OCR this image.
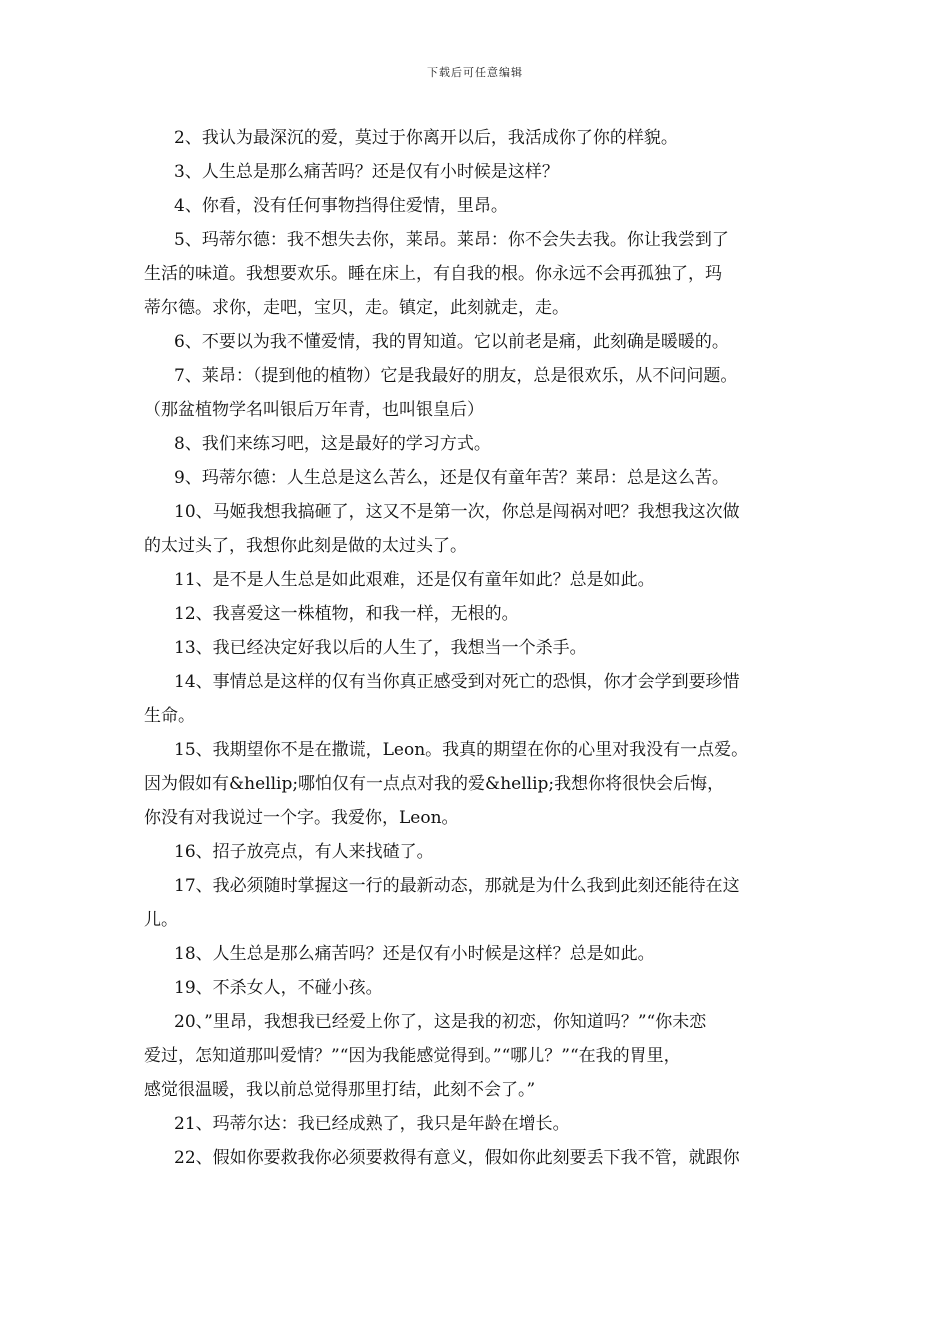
下载后可任意编辑

2、我认为最深沉的爱，莫过于你离开以后，我活成你了你的样貌。

3、人生总是那么痛苦吗？还是仅有小时候是这样？

4、你看，没有任何事物挡得住爱情，里昂。

5、玛蒂尔德：我不想失去你，莱昂。莱昂：你不会失去我。你让我尝到了
生活的味道。我想要欢乐。睡在床上，有自我的根。你永远不会再孤独了，玛
蒂尔德。求你，走吧，宝贝，走。镇定，此刻就走，走。

6、不要以为我不懂爱情，我的胃知道。它以前老是痛，此刻确是暖暖的。

7、莱昂：（提到他的植物）它是我最好的朋友，总是很欢乐，从不问问题。
（那盆植物学名叫银后万年青，也叫银皇后）

8、我们来练习吧，这是最好的学习方式。

9、玛蒂尔德：人生总是这么苦么，还是仅有童年苦？莱昂：总是这么苦。

10、马姬我想我搞砸了，这又不是第一次，你总是闯祸对吧？我想我这次做
的太过头了，我想你此刻是做的太过头了。

11、是不是人生总是如此艰难，还是仅有童年如此？总是如此。

12、我喜爱这一株植物，和我一样，无根的。

13、我已经决定好我以后的人生了，我想当一个杀手。

14、事情总是这样的仅有当你真正感受到对死亡的恐惧，你才会学到要珍惜
生命。

15、我期望你不是在撒谎，Leon。我真的期望在你的心里对我没有一点爱。
因为假如有&hellip;哪怕仅有一点点对我的爱&hellip;我想你将很快会后悔，
你没有对我说过一个字。我爱你，Leon。

16、招子放亮点，有人来找碴了。

17、我必须随时掌握这一行的最新动态，那就是为什么我到此刻还能待在这
儿。

18、人生总是那么痛苦吗？还是仅有小时候是这样？总是如此。

19、不杀女人，不碰小孩。

20、”里昂，我想我已经爱上你了，这是我的初恋，你知道吗？”“你未恋
爱过，怎知道那叫爱情？”“因为我能感觉得到。”“哪儿？”“在我的胃里，
感觉很温暖，我以前总觉得那里打结，此刻不会了。”

21、玛蒂尔达：我已经成熟了，我只是年龄在增长。

22、假如你要救我你必须要救得有意义，假如你此刻要丢下我不管，就跟你
